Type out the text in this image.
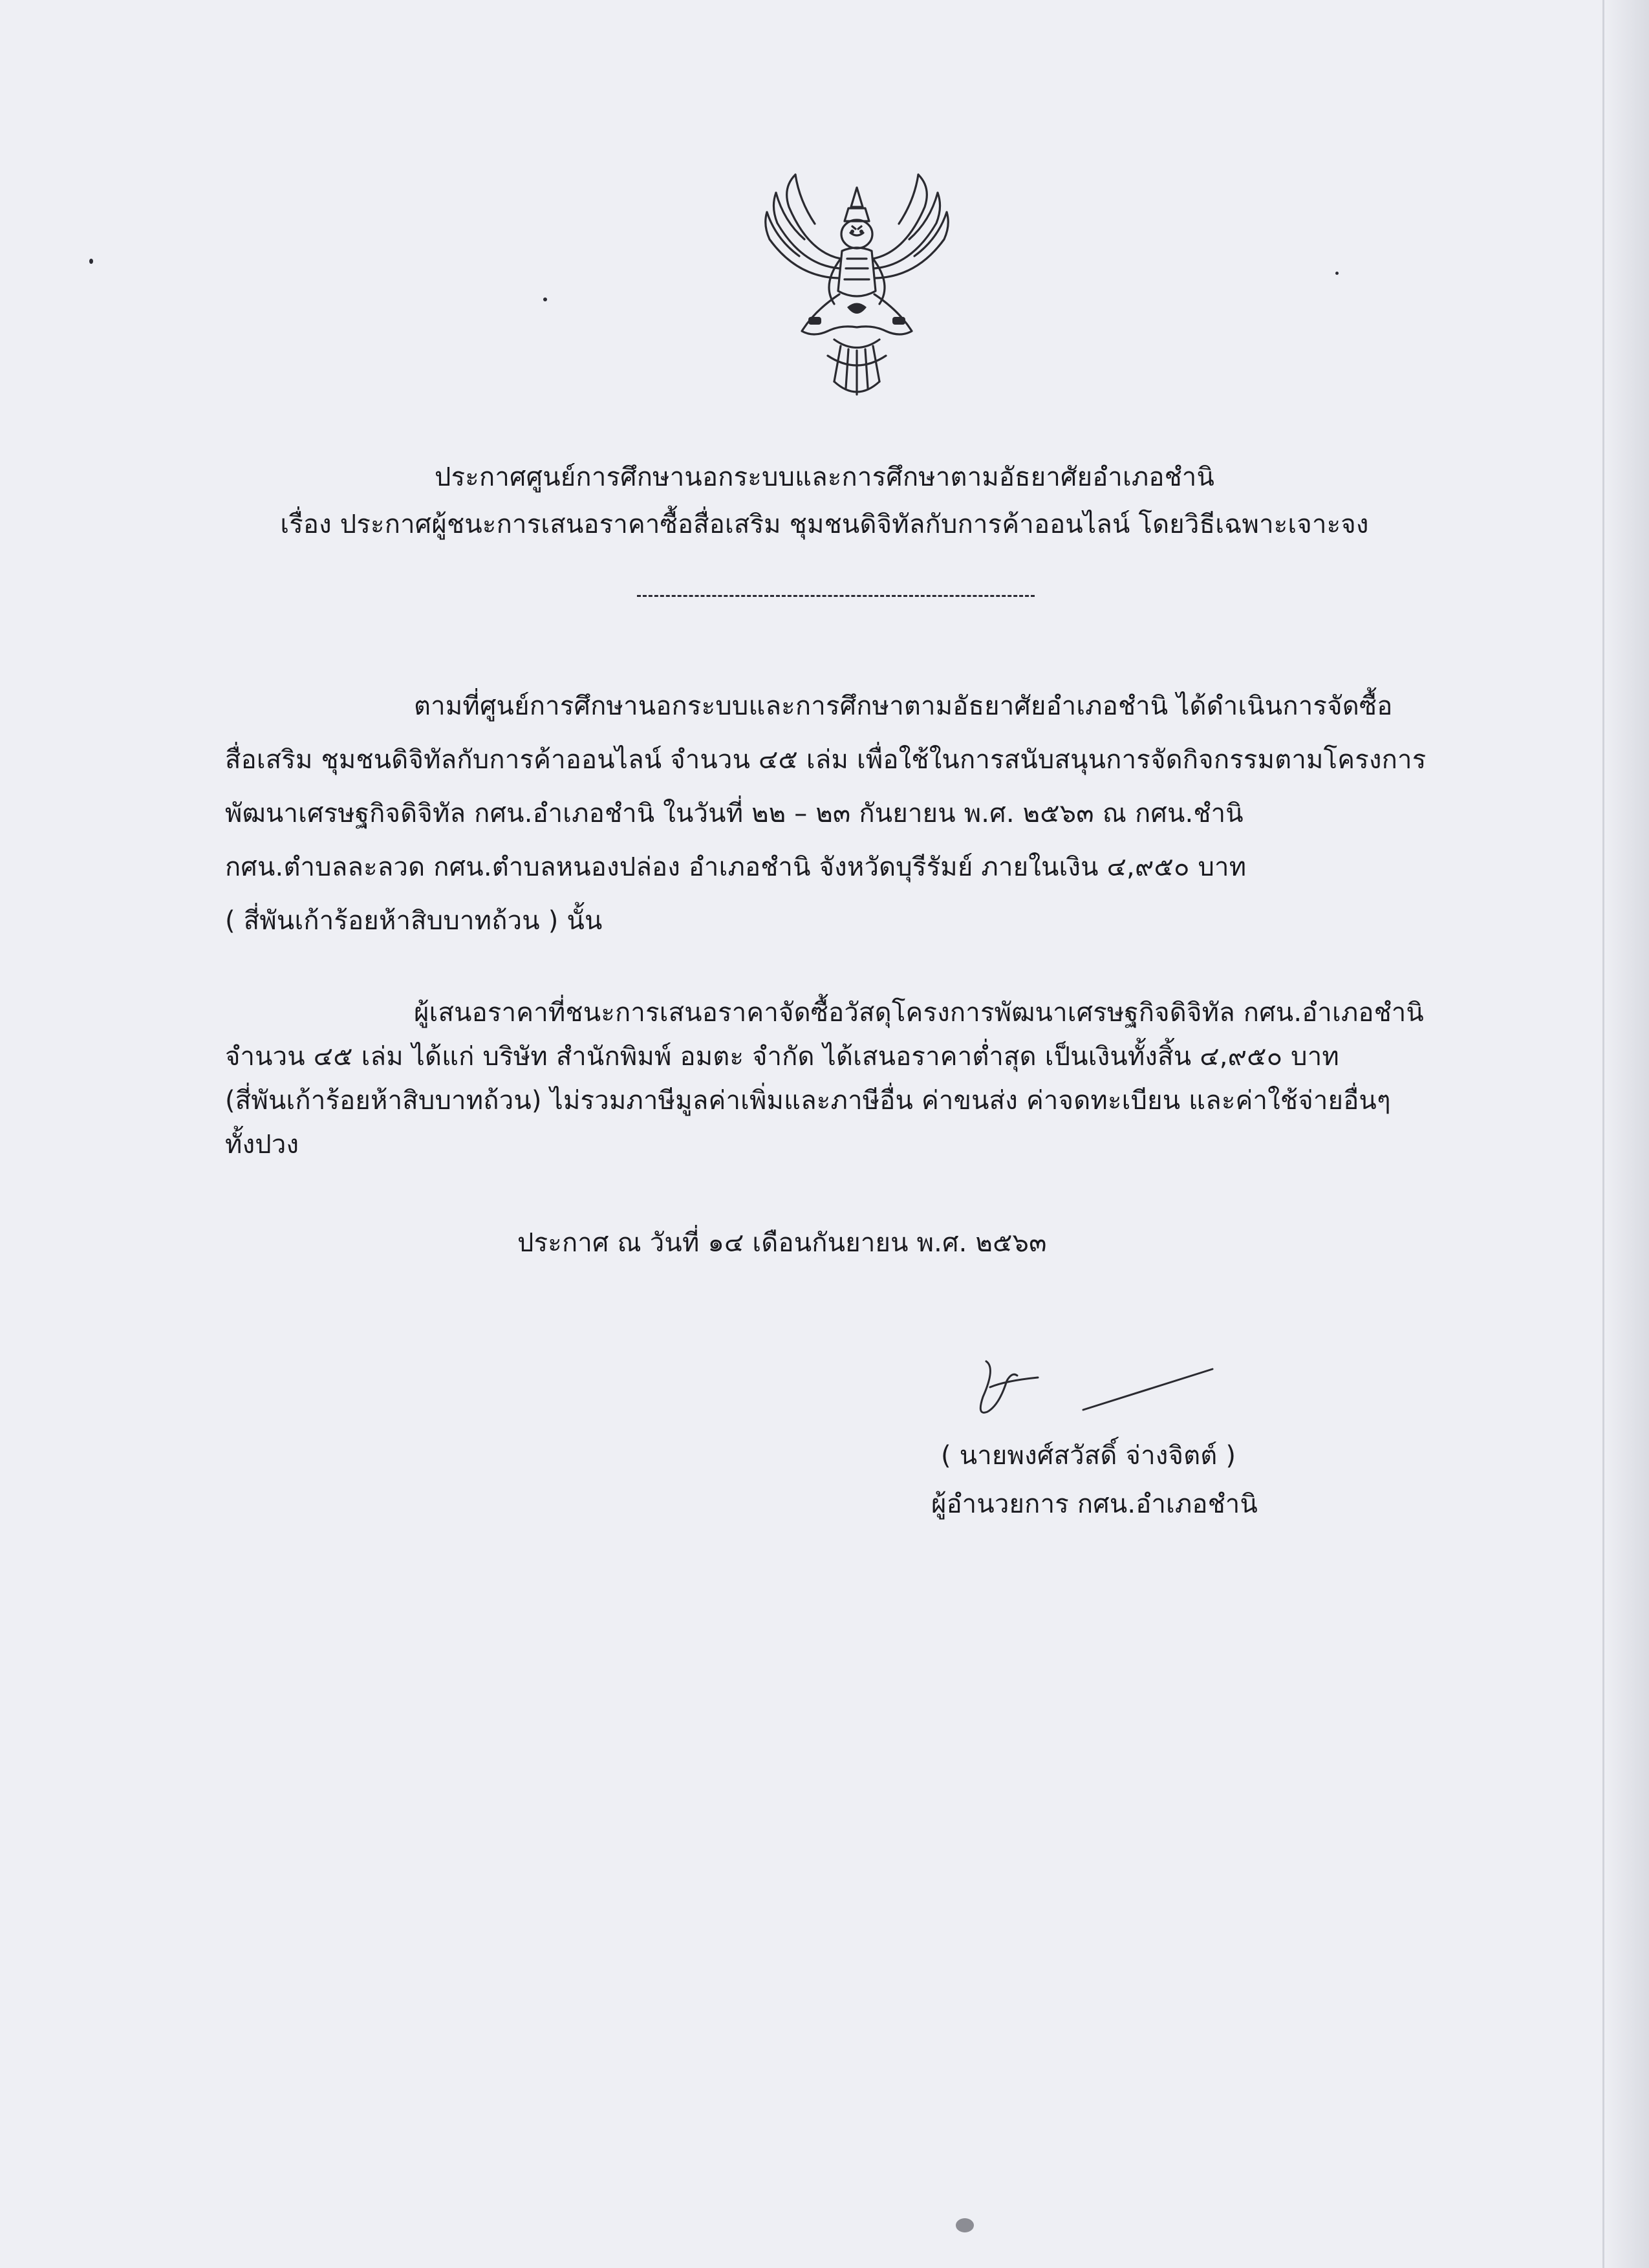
ประกาศศูนย์การศึกษานอกระบบและการศึกษาตามอัธยาศัยอำเภอชำนิ
เรื่อง ประกาศผู้ชนะการเสนอราคาซื้อสื่อเสริม ชุมชนดิจิทัลกับการค้าออนไลน์ โดยวิธีเฉพาะเจาะจง
ตามที่ศูนย์การศึกษานอกระบบและการศึกษาตามอัธยาศัยอำเภอชำนิ ได้ดำเนินการจัดซื้อ
สื่อเสริม ชุมชนดิจิทัลกับการค้าออนไลน์ จำนวน ๔๕ เล่ม เพื่อใช้ในการสนับสนุนการจัดกิจกรรมตามโครงการ
พัฒนาเศรษฐกิจดิจิทัล กศน.อำเภอชำนิ ในวันที่ ๒๒ – ๒๓ กันยายน พ.ศ. ๒๕๖๓ ณ กศน.ชำนิ
กศน.ตำบลละลวด กศน.ตำบลหนองปล่อง อำเภอชำนิ จังหวัดบุรีรัมย์ ภายในเงิน ๔,๙๕๐ บาท
( สี่พันเก้าร้อยห้าสิบบาทถ้วน ) นั้น
ผู้เสนอราคาที่ชนะการเสนอราคาจัดซื้อวัสดุโครงการพัฒนาเศรษฐกิจดิจิทัล กศน.อำเภอชำนิ
จำนวน ๔๕ เล่ม ได้แก่ บริษัท สำนักพิมพ์ อมตะ จำกัด ได้เสนอราคาต่ำสุด เป็นเงินทั้งสิ้น ๔,๙๕๐ บาท
(สี่พันเก้าร้อยห้าสิบบาทถ้วน) ไม่รวมภาษีมูลค่าเพิ่มและภาษีอื่น ค่าขนส่ง ค่าจดทะเบียน และค่าใช้จ่ายอื่นๆ
ทั้งปวง
ประกาศ ณ วันที่ ๑๔ เดือนกันยายน พ.ศ. ๒๕๖๓
( นายพงศ์สวัสดิ์ จ่างจิตต์ )
ผู้อำนวยการ กศน.อำเภอชำนิ
